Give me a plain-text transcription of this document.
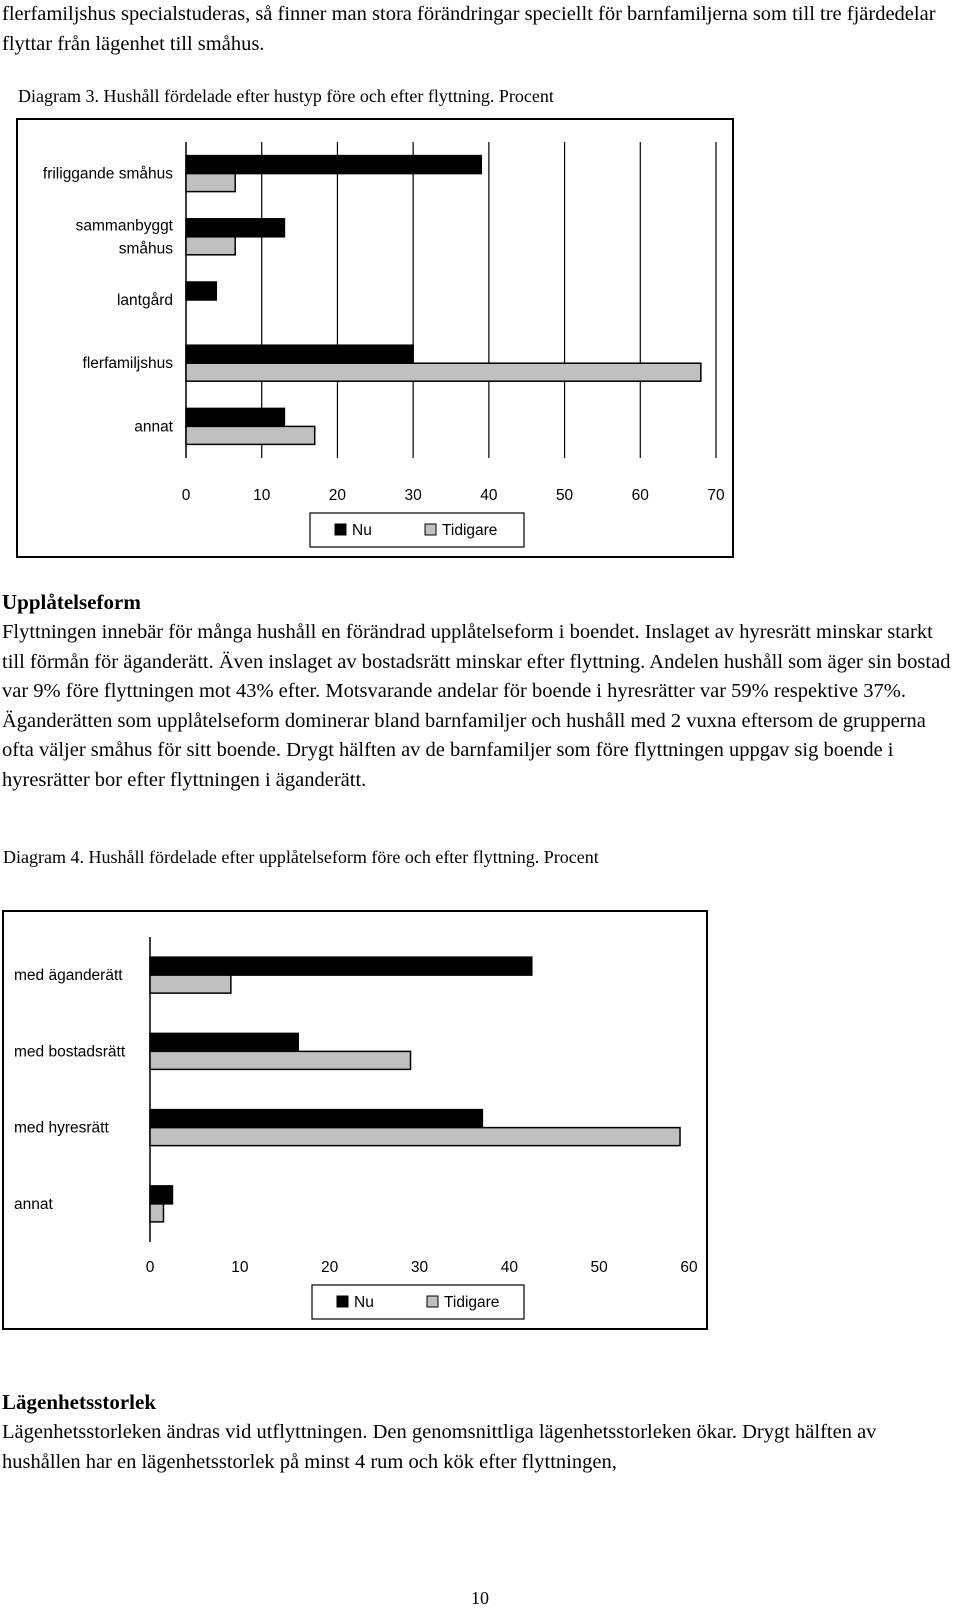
flerfamiljshus specialstuderas, så finner man stora förändringar speciellt för barnfamiljerna som till tre fjärdedelar flyttar från lägenhet till småhus.

Diagram 3. Hushåll fördelade efter hustyp före och efter flyttning. Procent

friliggande småhus
sammanbyggt
småhus
lantgård
flerfamiljshus
annat
0	10	20	30	40	50	60	70
Nu	Tidigare
Upplåtelseform

Flyttningen innebär för många hushåll en förändrad upplåtelseform i boendet. Inslaget av hyresrätt minskar starkt till förmån för äganderätt. Även inslaget av bostadsrätt minskar efter flyttning. Andelen hushåll som äger sin bostad var 9% före flyttningen mot 43% efter. Motsvarande andelar för boende i hyresrätter var 59% respektive 37%. Äganderätten som upplåtelseform dominerar bland barnfamiljer och hushåll med 2 vuxna eftersom de grupperna ofta väljer småhus för sitt boende. Drygt hälften av de barnfamiljer som före flyttningen uppgav sig boende i hyresrätter bor efter flyttningen i äganderätt.

Diagram 4. Hushåll fördelade efter upplåtelseform före och efter flyttning. Procent

med äganderätt
med bostadsrätt
med hyresrätt
annat
0	10	20	30	40	50	60
Nu	Tidigare
Lägenhetsstorlek

Lägenhetsstorleken ändras vid utflyttningen. Den genomsnittliga lägenhetsstorleken ökar. Drygt hälften av hushållen har en lägenhetsstorlek på minst 4 rum och kök efter flyttningen,

10
